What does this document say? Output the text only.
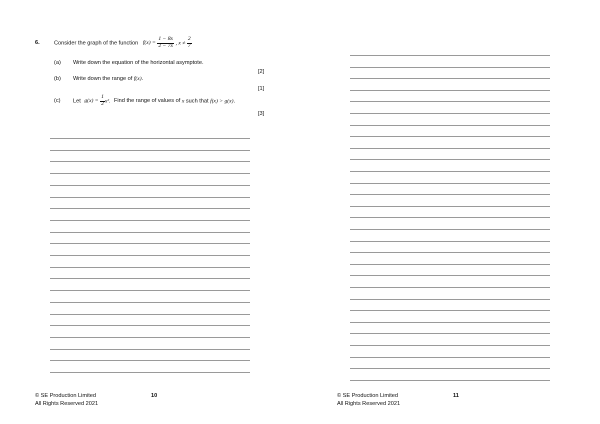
6.	Consider the graph of the function $f(x) = \frac{1 - 8x}{2 - 7x}$ , $x \ne \frac{2}{7}$
(a) Write down the equation of the horizontal asymptote.
[2]
(b) Write down the range of f(x).
[1]
(c) Let $g(x) = \frac{1}{2} x^2$. Find the range of values of x such that f(x) > g(x).
[3]
© SE Production Limited
All Rights Reserved 2021
10	© SE Production Limited
All Rights Reserved 2021
11
